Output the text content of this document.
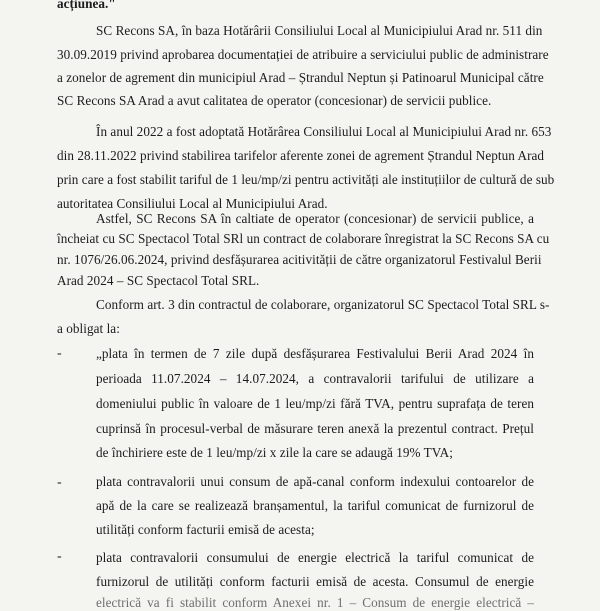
acțiunea."
SC Recons SA, în baza Hotărârii Consiliului Local al Municipiului Arad nr. 511 din
30.09.2019 privind aprobarea documentației de atribuire a serviciului public de administrare
a zonelor de agrement din municipiul Arad – Ștrandul Neptun și Patinoarul Municipal către
SC Recons SA Arad a avut calitatea de operator (concesionar) de servicii publice.
În anul 2022 a fost adoptată Hotărârea Consiliului Local al Municipiului Arad nr. 653
din 28.11.2022 privind stabilirea tarifelor aferente zonei de agrement Ștrandul Neptun Arad
prin care a fost stabilit tariful de 1 leu/mp/zi pentru activități ale instituțiilor de cultură de sub
autoritatea Consiliului Local al Municipiului Arad.
Astfel, SC Recons SA în caltiate de operator (concesionar) de servicii publice, a
încheiat cu SC Spectacol Total SRl un contract de colaborare înregistrat la SC Recons SA cu
nr. 1076/26.06.2024, privind desfășurarea acitivității de către organizatorul Festivalul Berii
Arad 2024 – SC Spectacol Total SRL.
Conform art. 3 din contractul de colaborare, organizatorul SC Spectacol Total SRL s-
a obligat la:
-	„plata în termen de 7 zile după desfășurarea Festivalului Berii Arad 2024 în
perioada 11.07.2024 – 14.07.2024, a contravalorii tarifului de utilizare a
domeniului public în valoare de 1 leu/mp/zi fără TVA, pentru suprafața de teren
cuprinsă în procesul-verbal de măsurare teren anexă la prezentul contract. Prețul
de închiriere este de 1 leu/mp/zi x zile la care se adaugă 19% TVA;
-	plata contravalorii unui consum de apă-canal conform indexului contoarelor de
apă de la care se realizează branșamentul, la tariful comunicat de furnizorul de
utilități conform facturii emisă de acesta;
-	plata contravalorii consumului de energie electrică la tariful comunicat de
furnizorul de utilități conform facturii emisă de acesta. Consumul de energie
electrică va fi stabilit conform Anexei nr. 1 – Consum de energie electrică –
